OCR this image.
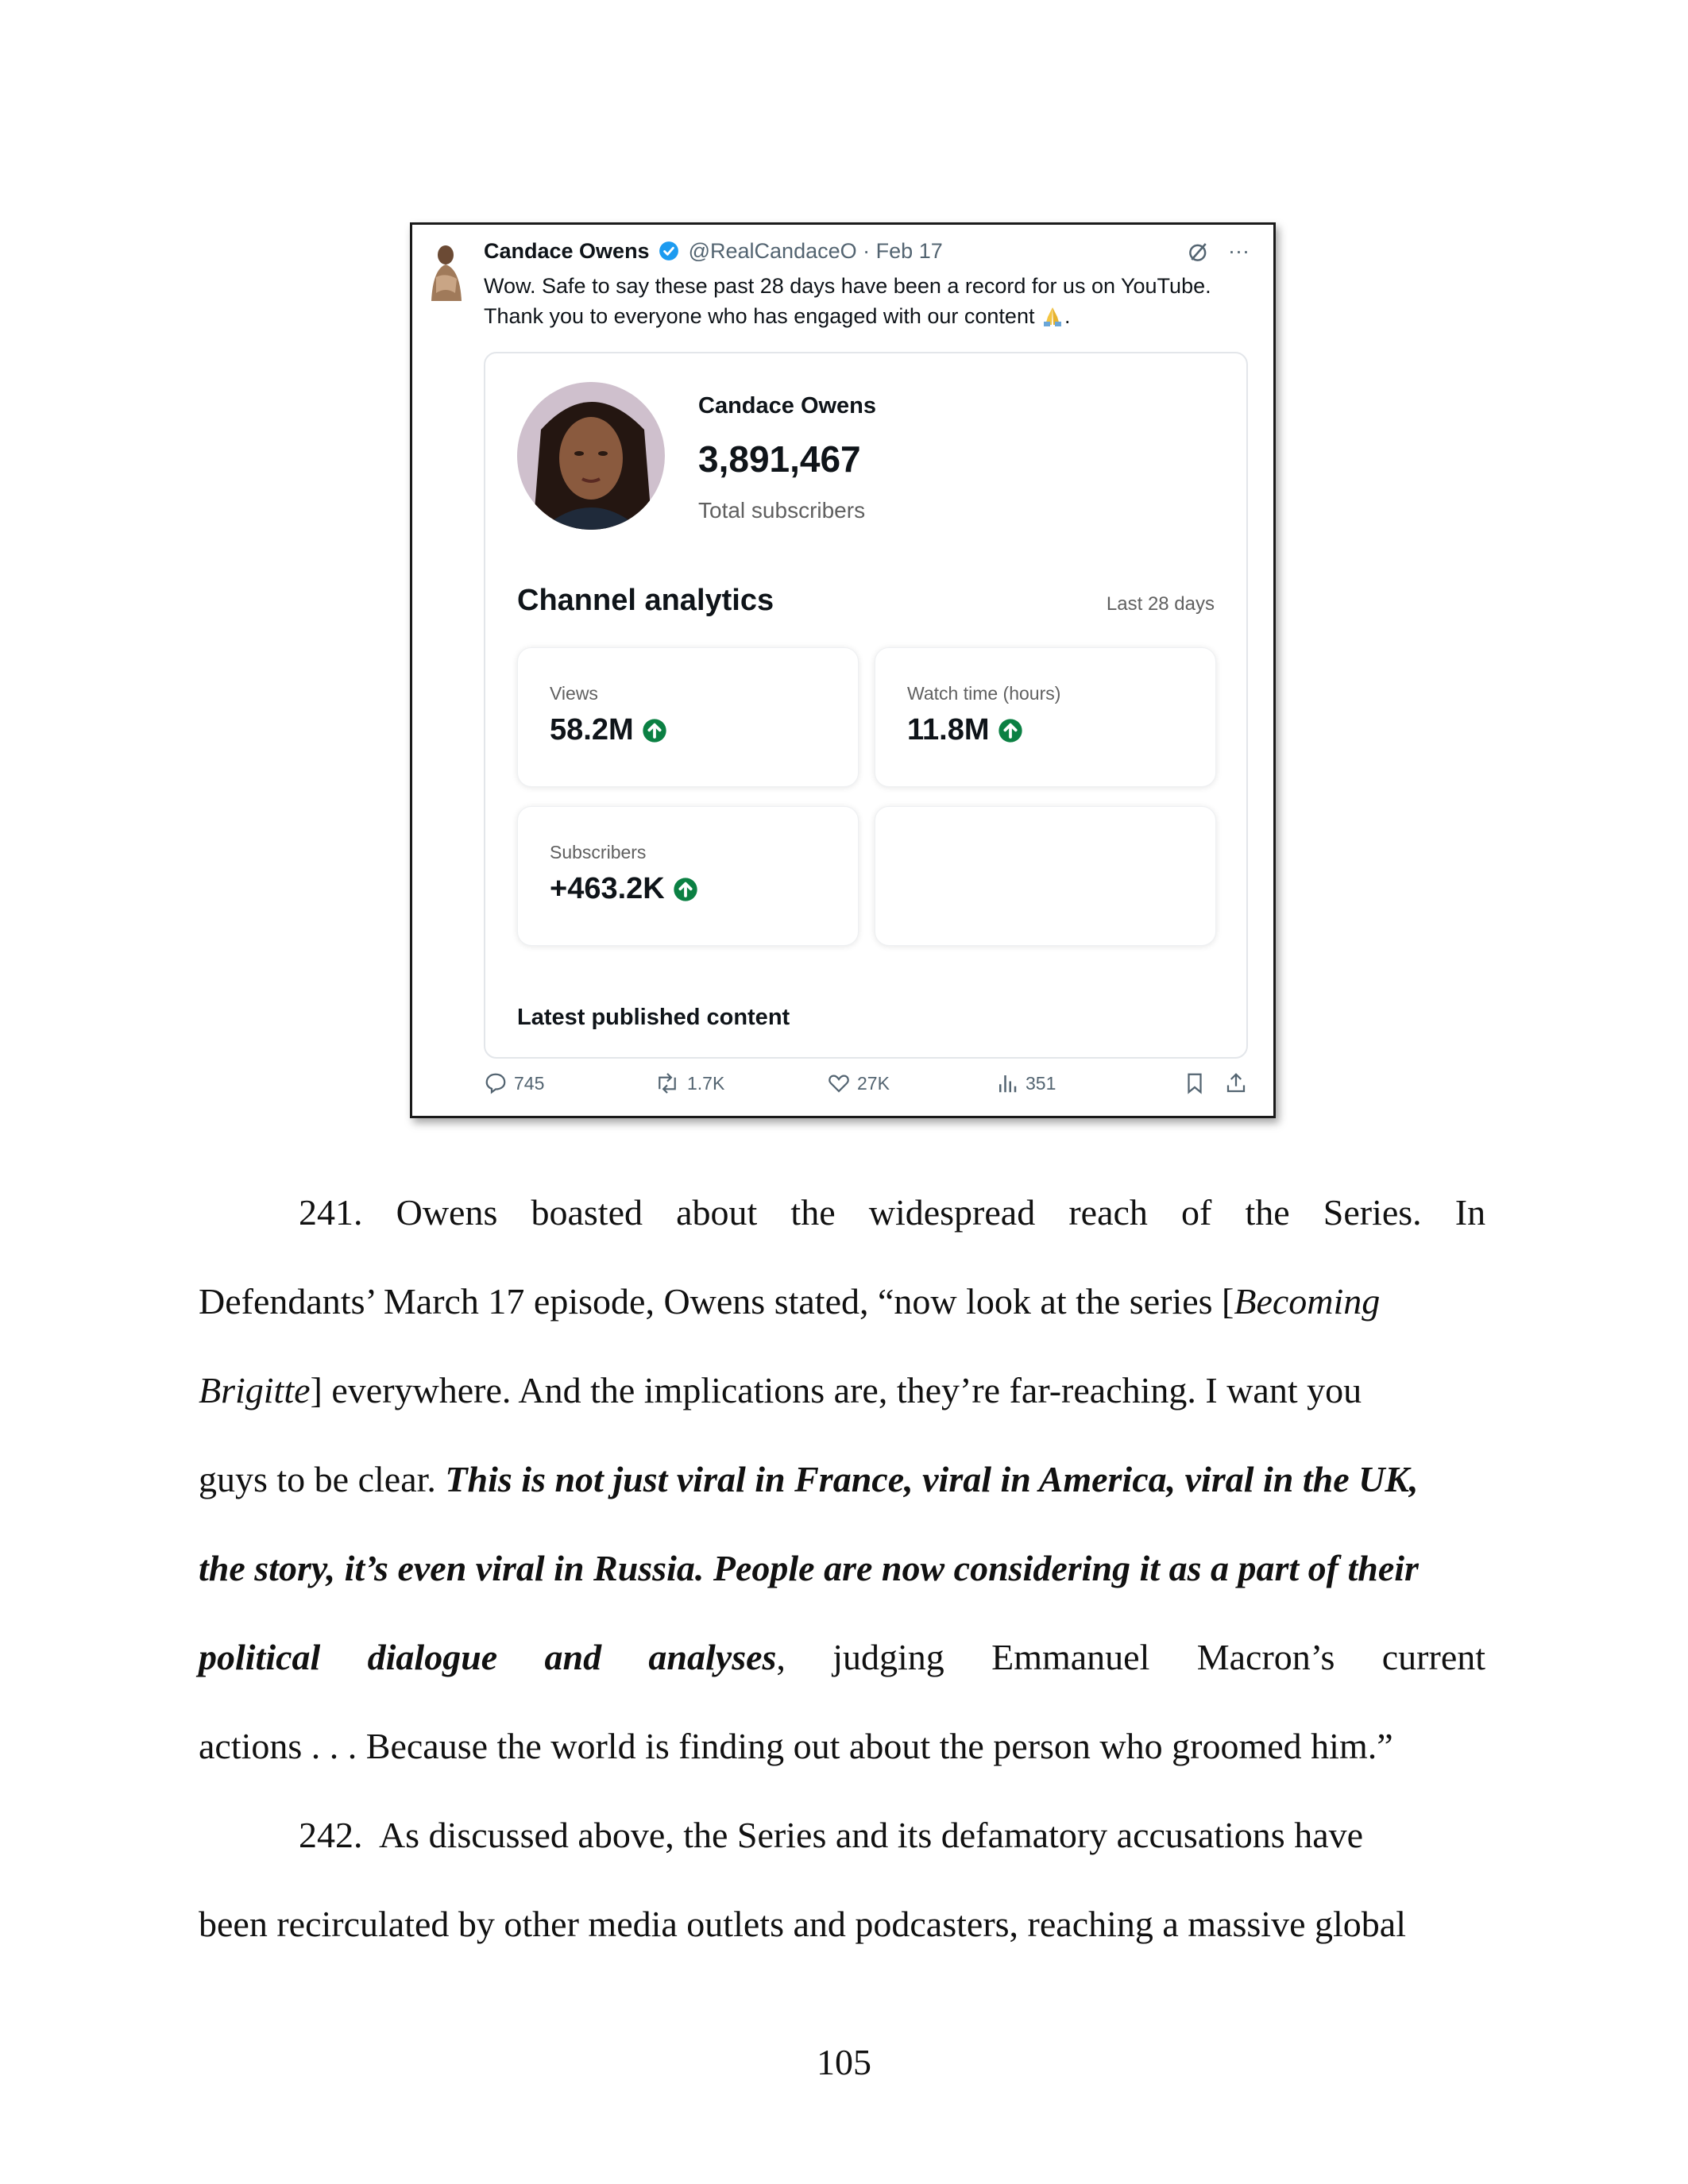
Candace Owens @RealCandaceO · Feb 17	···

Wow. Safe to say these past 28 days have been a record for us on YouTube.

Thank you to everyone who has engaged with our content .

Candace Owens
3,891,467
Total subscribers
Channel analytics	Last 28 days
Views
58.2M
Watch time (hours)
11.8M
Subscribers
+463.2K
Latest published content
745	1.7K	27K	351
241. Owens boasted about the widespread reach of the Series. In
Defendants’ March 17 episode, Owens stated, “now look at the series [Becoming
Brigitte] everywhere. And the implications are, they’re far-reaching. I want you
guys to be clear. This is not just viral in France, viral in America, viral in the UK,
the story, it’s even viral in Russia. People are now considering it as a part of their
political dialogue and analyses, judging Emmanuel Macron’s current
actions . . . Because the world is finding out about the person who groomed him.”
242.  As discussed above, the Series and its defamatory accusations have
been recirculated by other media outlets and podcasters, reaching a massive global
105
